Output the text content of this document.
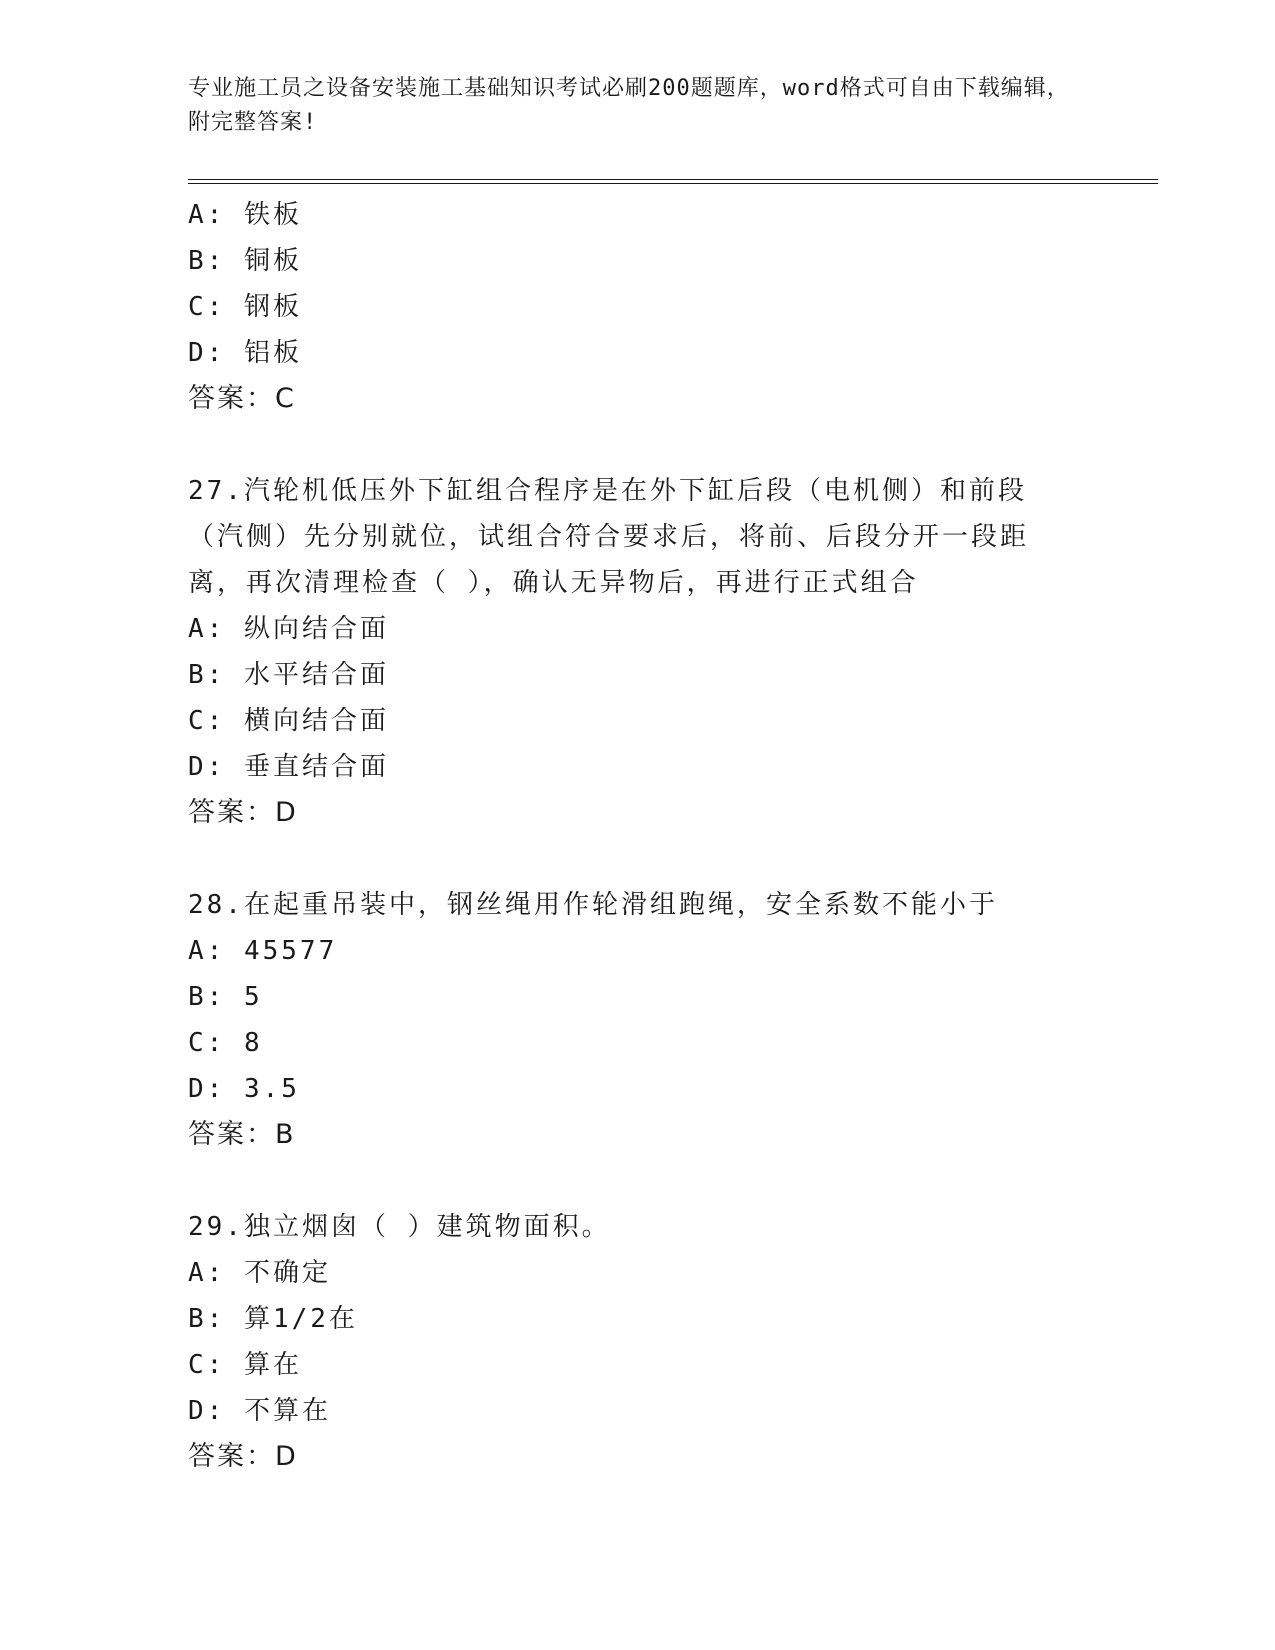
专业施工员之设备安装施工基础知识考试必刷200题题库，word格式可自由下载编辑，附完整答案!
A: 铁板
B: 铜板
C: 钢板
D: 铝板
答案：C
27.汽轮机低压外下缸组合程序是在外下缸后段（电机侧）和前段（汽侧）先分别就位，试组合符合要求后，将前、后段分开一段距离，再次清理检查（ ），确认无异物后，再进行正式组合
A: 纵向结合面
B: 水平结合面
C: 横向结合面
D: 垂直结合面
答案：D
28.在起重吊装中，钢丝绳用作轮滑组跑绳，安全系数不能小于
A: 45577
B: 5
C: 8
D: 3.5
答案：B
29.独立烟囱（ ）建筑物面积。
A: 不确定
B: 算1/2在
C: 算在
D: 不算在
答案：D
